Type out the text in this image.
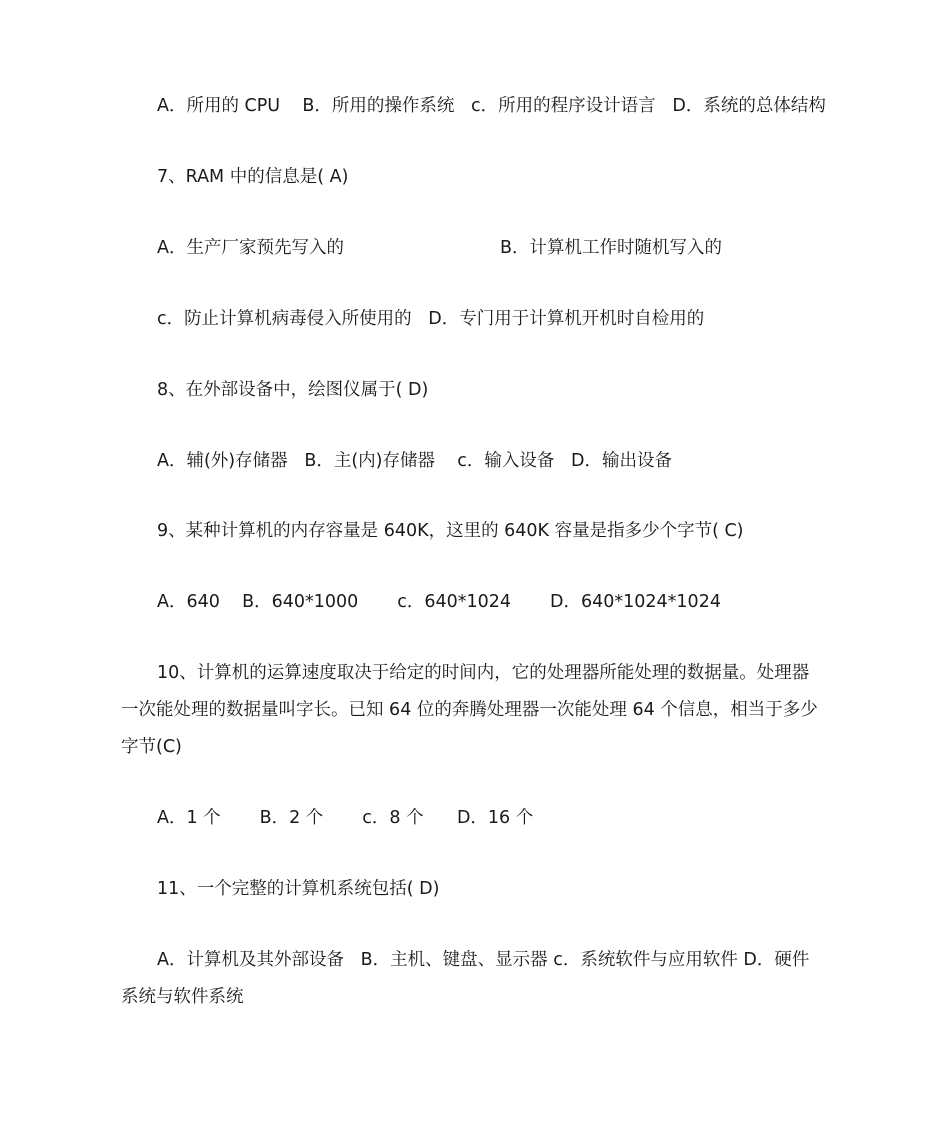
A．所用的 CPU    B．所用的操作系统   c．所用的程序设计语言   D．系统的总体结构
7、RAM 中的信息是( A)
A．生产厂家预先写入的	B．计算机工作时随机写入的
c．防止计算机病毒侵入所使用的   D．专门用于计算机开机时自检用的
8、在外部设备中，绘图仪属于( D)
A．辅(外)存储器   B．主(内)存储器    c．输入设备   D．输出设备
9、某种计算机的内存容量是 640K，这里的 640K 容量是指多少个字节( C)
A．640    B．640*1000       c．640*1024       D．640*1024*1024
10、计算机的运算速度取决于给定的时间内，它的处理器所能处理的数据量。处理器
一次能处理的数据量叫字长。已知 64 位的奔腾处理器一次能处理 64 个信息，相当于多少
字节(C)
A．1 个       B．2 个       c．8 个      D．16 个
11、一个完整的计算机系统包括( D)
A．计算机及其外部设备   B．主机、键盘、显示器 c．系统软件与应用软件 D．硬件
系统与软件系统
